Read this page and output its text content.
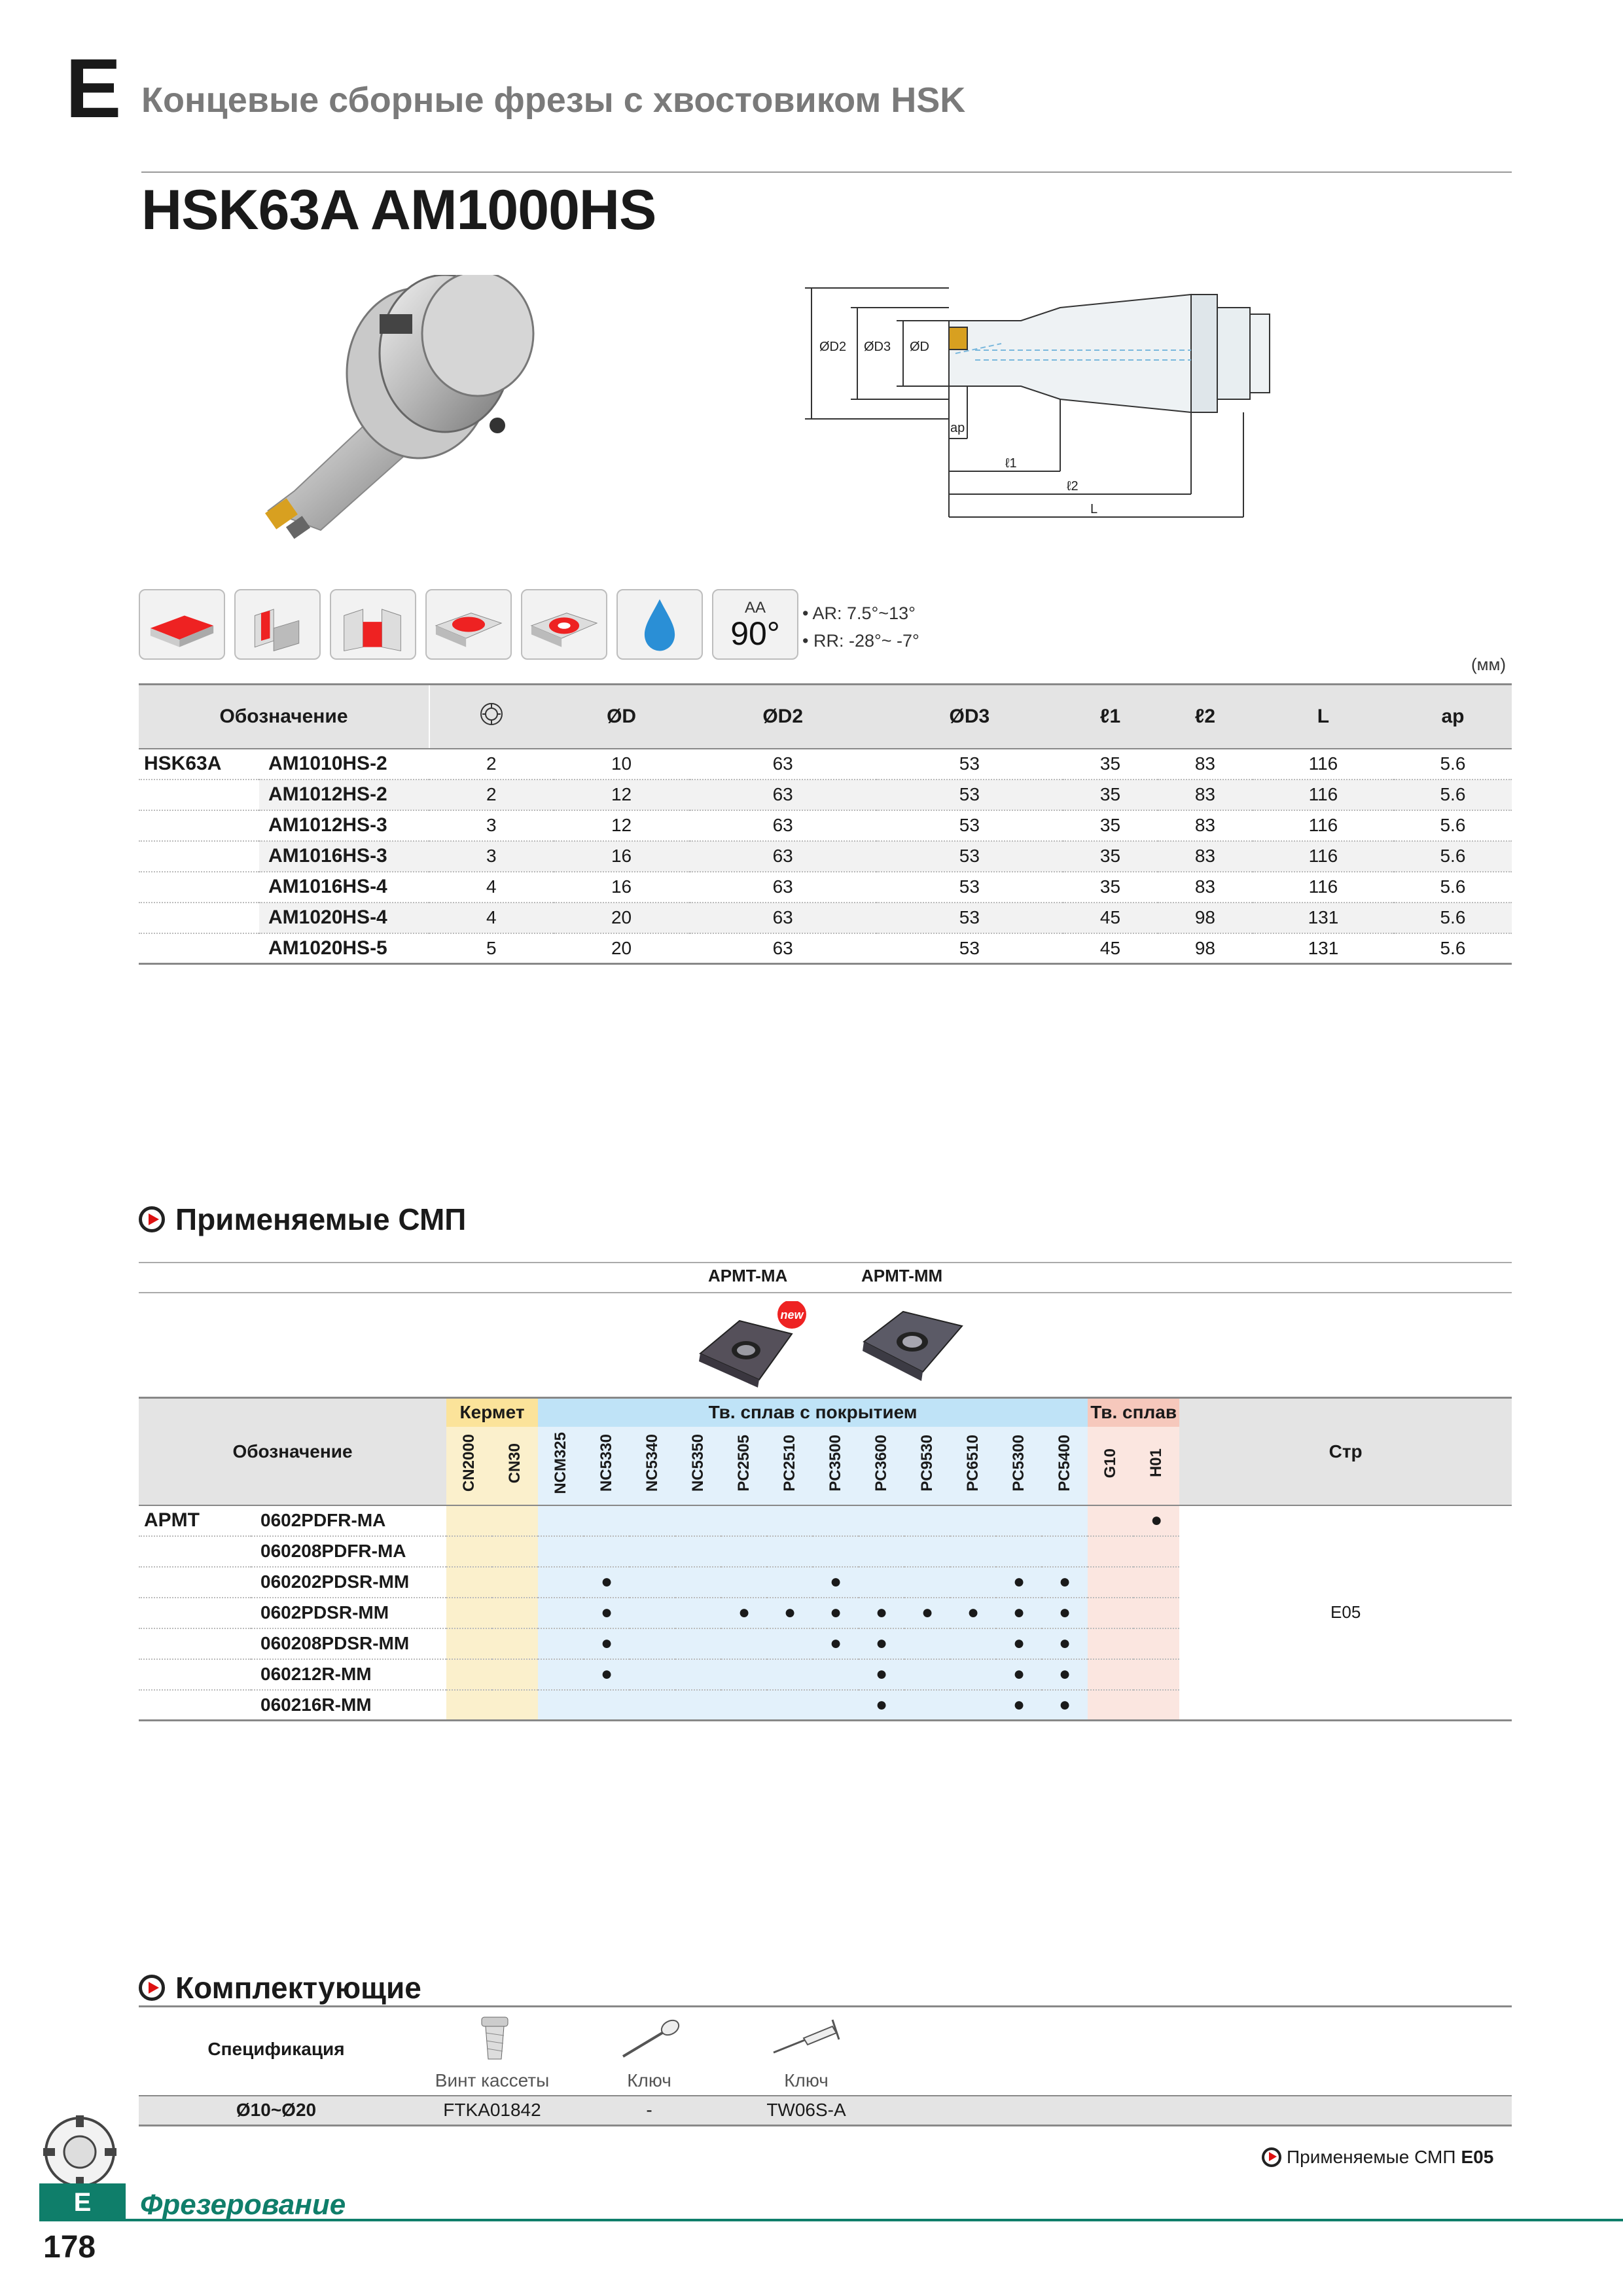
E Концевые сборные фрезы с хвостовиком HSK
HSK63A AM1000HS
ØD2 ØD3 ØD
ap
ℓ1
ℓ2
L
AA
90°
• AR: 7.5°~13°
• RR: -28°~ -7°
(мм)
Обозначение			ØD	ØD2	ØD3	ℓ1	ℓ2	L	ap
HSK63A	AM1010HS-2	2	10	63	53	35	83	116	5.6
	AM1012HS-2	2	12	63	53	35	83	116	5.6
	AM1012HS-3	3	12	63	53	35	83	116	5.6
	AM1016HS-3	3	16	63	53	35	83	116	5.6
	AM1016HS-4	4	16	63	53	35	83	116	5.6
	AM1020HS-4	4	20	63	53	45	98	131	5.6
	AM1020HS-5	5	20	63	53	45	98	131	5.6
Применяемые СМП
APMT-MA	APMT-MM
new
Обозначение		Кермет		Тв. сплав с покрытием												Тв. сплав		Стр
		CN2000	CN30	NCM325	NC5330	NC5340	NC5350	PC2505	PC2510	PC3500	PC3600	PC9530	PC6510	PC5300	PC5400	G10	H01	
APMT	0602PDFR-MA																●	E05
	060208PDFR-MA																	
	060202PDSR-MM				●					●				●	●			
	0602PDSR-MM				●			●	●	●	●	●	●	●	●			
	060208PDSR-MM				●					●	●			●	●			
	060212R-MM				●						●			●	●			
	060216R-MM										●			●	●			
Комплектующие
Спецификация	Винт кассеты	Ключ	Ключ	

Ø10~Ø20	FTKA01842	-	TW06S-A	
Применяемые СМП E05
E	Фрезерование
178
